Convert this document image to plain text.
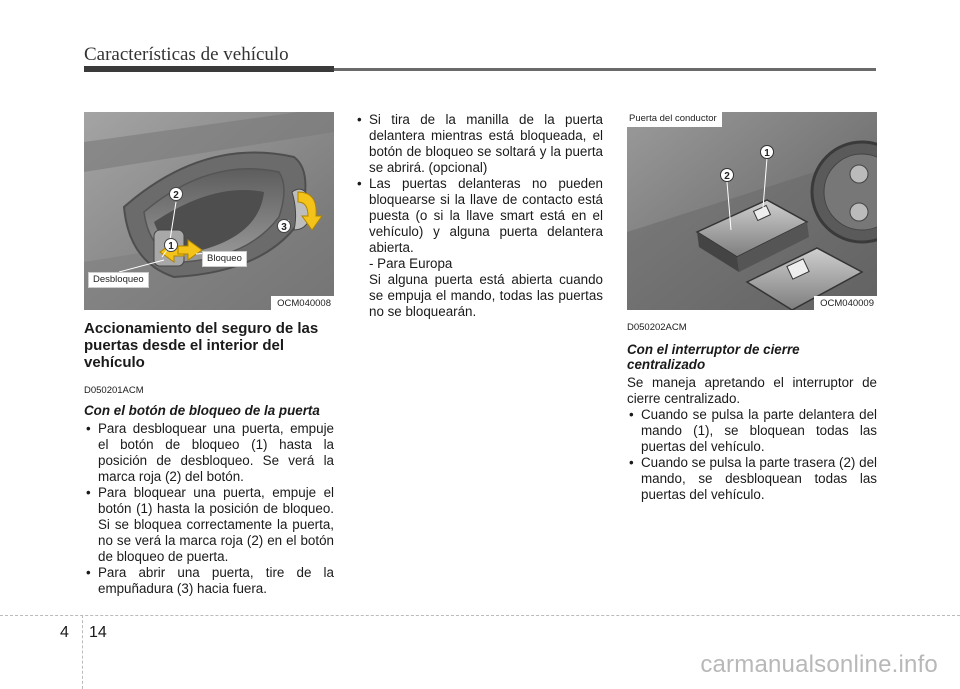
Características de vehículo
2
1
3
Bloqueo
Desbloqueo
OCM040008
Accionamiento del seguro de las puertas desde el interior del vehículo
D050201ACM
Con el botón de bloqueo de la puerta
• Para desbloquear una puerta, empuje el botón de bloqueo (1) hasta la posición de desbloqueo. Se verá la marca roja (2) del botón.
• Para bloquear una puerta, empuje el botón (1) hasta la posición de bloqueo. Si se bloquea correctamente la puerta, no se verá la marca roja (2) en el botón de bloqueo de puerta.
• Para abrir una puerta, tire de la empuñadura (3) hacia fuera.
• Si tira de la manilla de la puerta delantera mientras está bloqueada, el botón de bloqueo se soltará y la puerta se abrirá. (opcional)
• Las puertas delanteras no pueden bloquearse si la llave de contacto está puesta (o si la llave smart está en el vehículo) y alguna puerta delantera abierta.

- Para Europa

Si alguna puerta está abierta cuando se empuja el mando, todas las puertas no se bloquearán.

2
1
Puerta del conductor
OCM040009
D050202ACM
Con el interruptor de cierre centralizado

Se maneja apretando el interruptor de cierre centralizado.

• Cuando se pulsa la parte delantera del mando (1), se bloquean todas las puertas del vehículo.
• Cuando se pulsa la parte trasera (2) del mando, se desbloquean todas las puertas del vehículo.
4 14
carmanualsonline.info
